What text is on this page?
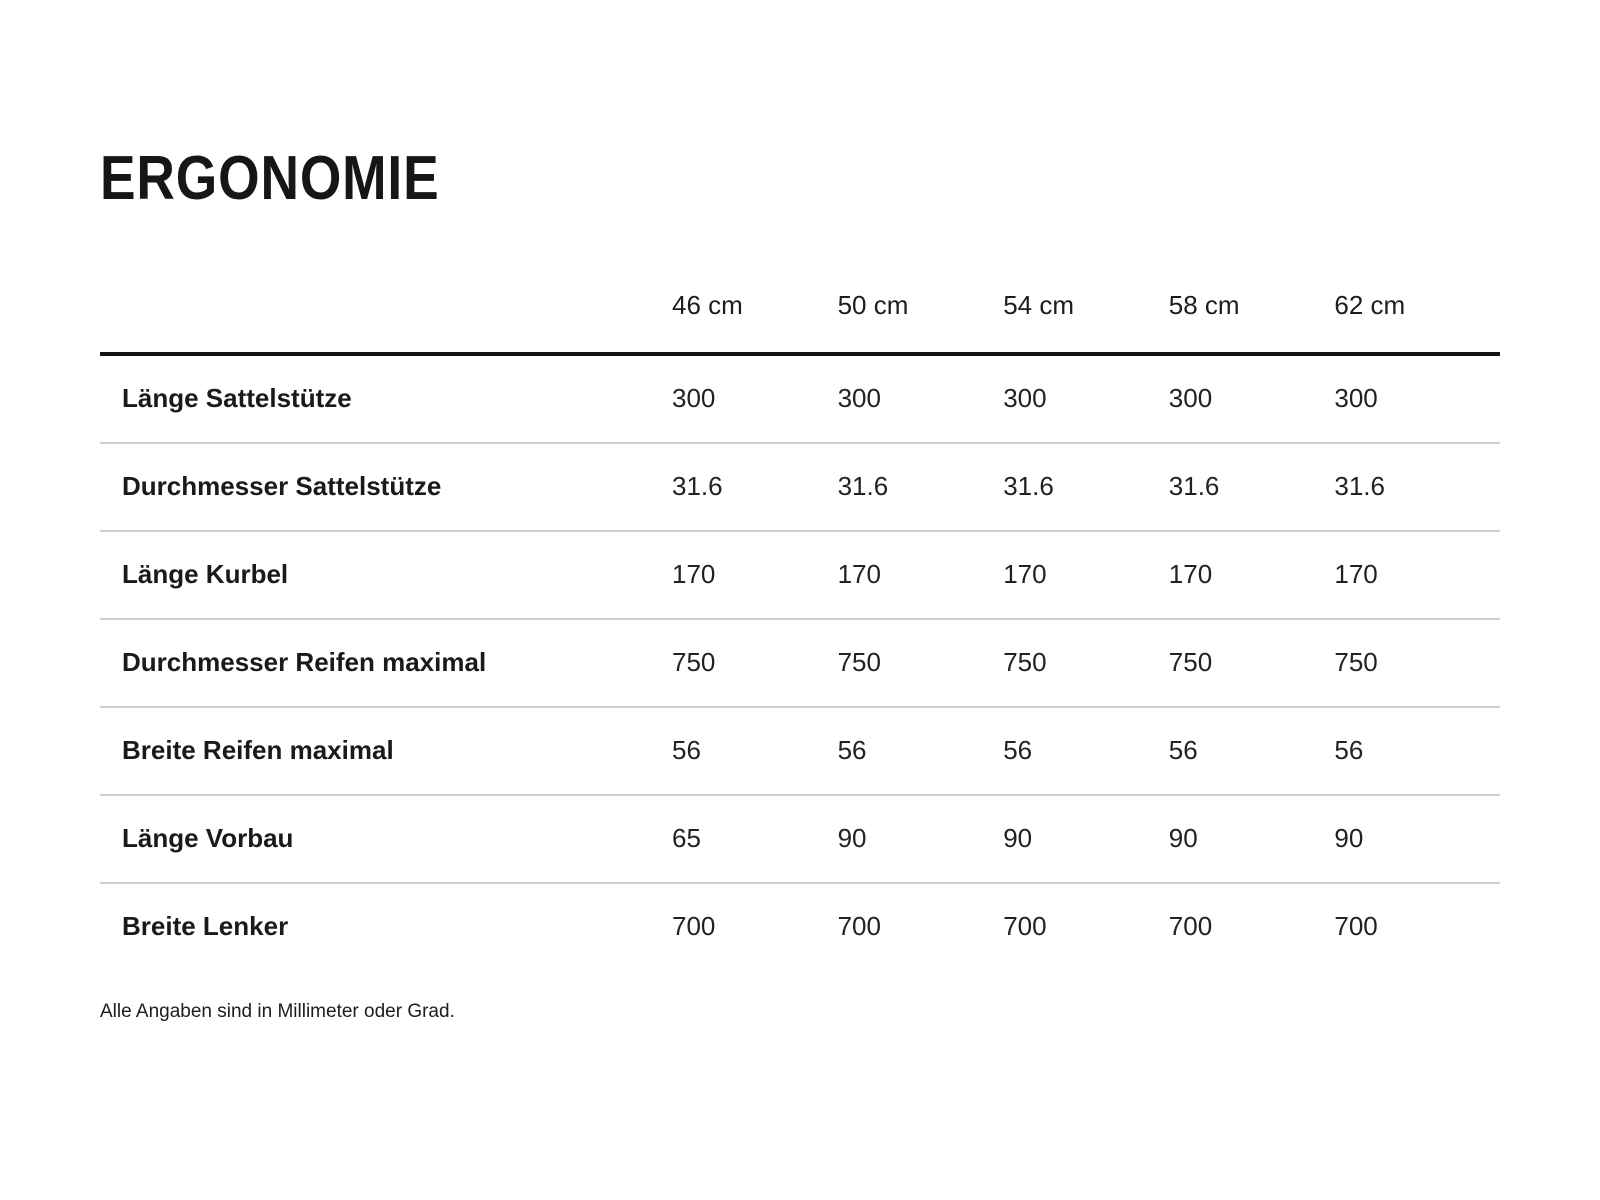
ERGONOMIE
	46 cm	50 cm	54 cm	58 cm	62 cm
Länge Sattelstütze	300	300	300	300	300
Durchmesser Sattelstütze	31.6	31.6	31.6	31.6	31.6
Länge Kurbel	170	170	170	170	170
Durchmesser Reifen maximal	750	750	750	750	750
Breite Reifen maximal	56	56	56	56	56
Länge Vorbau	65	90	90	90	90
Breite Lenker	700	700	700	700	700

Alle Angaben sind in Millimeter oder Grad.
